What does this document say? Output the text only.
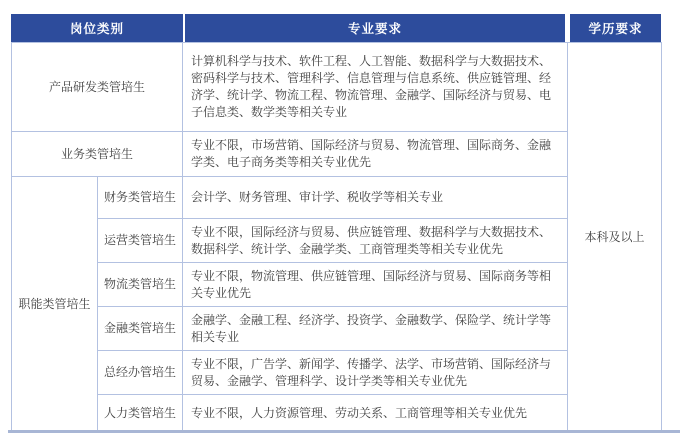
岗位类别	专业要求	学历要求
产品研发类管培生		计算机科学与技术、软件工程、人工智能、数据科学与大数据技术、密码科学与技术、管理科学、信息管理与信息系统、供应链管理、经济学、统计学、物流工程、物流管理、金融学、国际经济与贸易、电子信息类、数学类等相关专业	本科及以上
业务类管培生		专业不限，市场营销、国际经济与贸易、物流管理、国际商务、金融学类、电子商务类等相关专业优先	
职能类管培生	财务类管培生	会计学、财务管理、审计学、税收学等相关专业	
	运营类管培生	专业不限，国际经济与贸易、供应链管理、数据科学与大数据技术、数据科学、统计学、金融学类、工商管理类等相关专业优先	
	物流类管培生	专业不限，物流管理、供应链管理、国际经济与贸易、国际商务等相关专业优先	
	金融类管培生	金融学、金融工程、经济学、投资学、金融数学、保险学、统计学等相关专业	
	总经办管培生	专业不限，广告学、新闻学、传播学、法学、市场营销、国际经济与贸易、金融学、管理科学、设计学类等相关专业优先	
	人力类管培生	专业不限，人力资源管理、劳动关系、工商管理等相关专业优先	
